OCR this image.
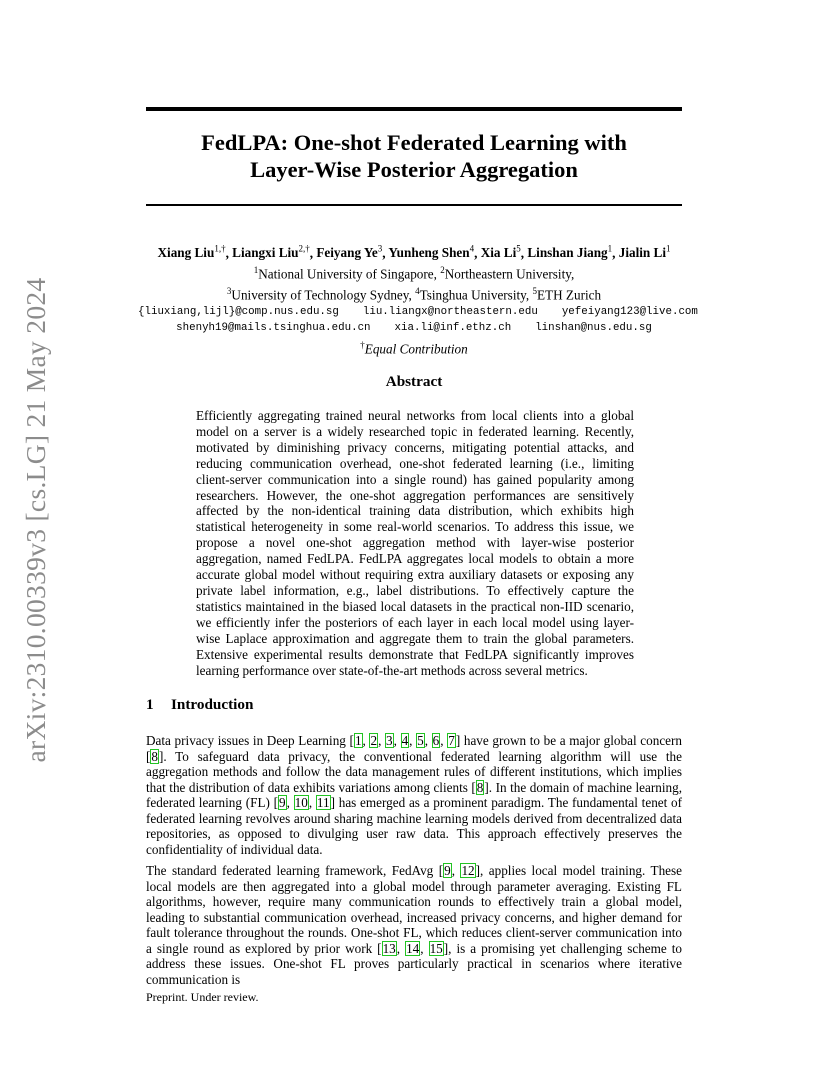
arXiv:2310.00339v3 [cs.LG] 21 May 2024
FedLPA: One-shot Federated Learning with
Layer-Wise Posterior Aggregation
Xiang Liu$^{1,\dagger}$, Liangxi Liu$^{2,\dagger}$, Feiyang Ye$^3$, Yunheng Shen$^4$, Xia Li$^5$, Linshan Jiang$^1$, Jialin Li$^1$
$^1$National University of Singapore, $^2$Northeastern University,
$^3$University of Technology Sydney, $^4$Tsinghua University, $^5$ETH Zurich
{liuxiang,lijl}@comp.nus.edu.sg liu.liangx@northeastern.edu yefeiyang123@live.com
shenyh19@mails.tsinghua.edu.cn xia.li@inf.ethz.ch linshan@nus.edu.sg
†Equal Contribution
Abstract

Efficiently aggregating trained neural networks from local clients into a global model on a server is a widely researched topic in federated learning. Recently, motivated by diminishing privacy concerns, mitigating potential attacks, and reducing communication overhead, one-shot federated learning (i.e., limiting client-server communication into a single round) has gained popularity among researchers. However, the one-shot aggregation performances are sensitively affected by the non-identical training data distribution, which exhibits high statistical heterogeneity in some real-world scenarios. To address this issue, we propose a novel one-shot aggregation method with layer-wise posterior aggregation, named FedLPA. FedLPA aggregates local models to obtain a more accurate global model without requiring extra auxiliary datasets or exposing any private label information, e.g., label distributions. To effectively capture the statistics maintained in the biased local datasets in the practical non-IID scenario, we efficiently infer the posteriors of each layer in each local model using layer-wise Laplace approximation and aggregate them to train the global parameters. Extensive experimental results demonstrate that FedLPA significantly improves learning performance over state-of-the-art methods across several metrics.

1 Introduction

Data privacy issues in Deep Learning [1, 2, 3, 4, 5, 6, 7] have grown to be a major global concern [8]. To safeguard data privacy, the conventional federated learning algorithm will use the aggregation methods and follow the data management rules of different institutions, which implies that the distribution of data exhibits variations among clients [8]. In the domain of machine learning, federated learning (FL) [9, 10, 11] has emerged as a prominent paradigm. The fundamental tenet of federated learning revolves around sharing machine learning models derived from decentralized data repositories, as opposed to divulging user raw data. This approach effectively preserves the confidentiality of individual data.

The standard federated learning framework, FedAvg [9, 12], applies local model training. These local models are then aggregated into a global model through parameter averaging. Existing FL algorithms, however, require many communication rounds to effectively train a global model, leading to substantial communication overhead, increased privacy concerns, and higher demand for fault tolerance throughout the rounds. One-shot FL, which reduces client-server communication into a single round as explored by prior work [13, 14, 15], is a promising yet challenging scheme to address these issues. One-shot FL proves particularly practical in scenarios where iterative communication is

Preprint. Under review.
